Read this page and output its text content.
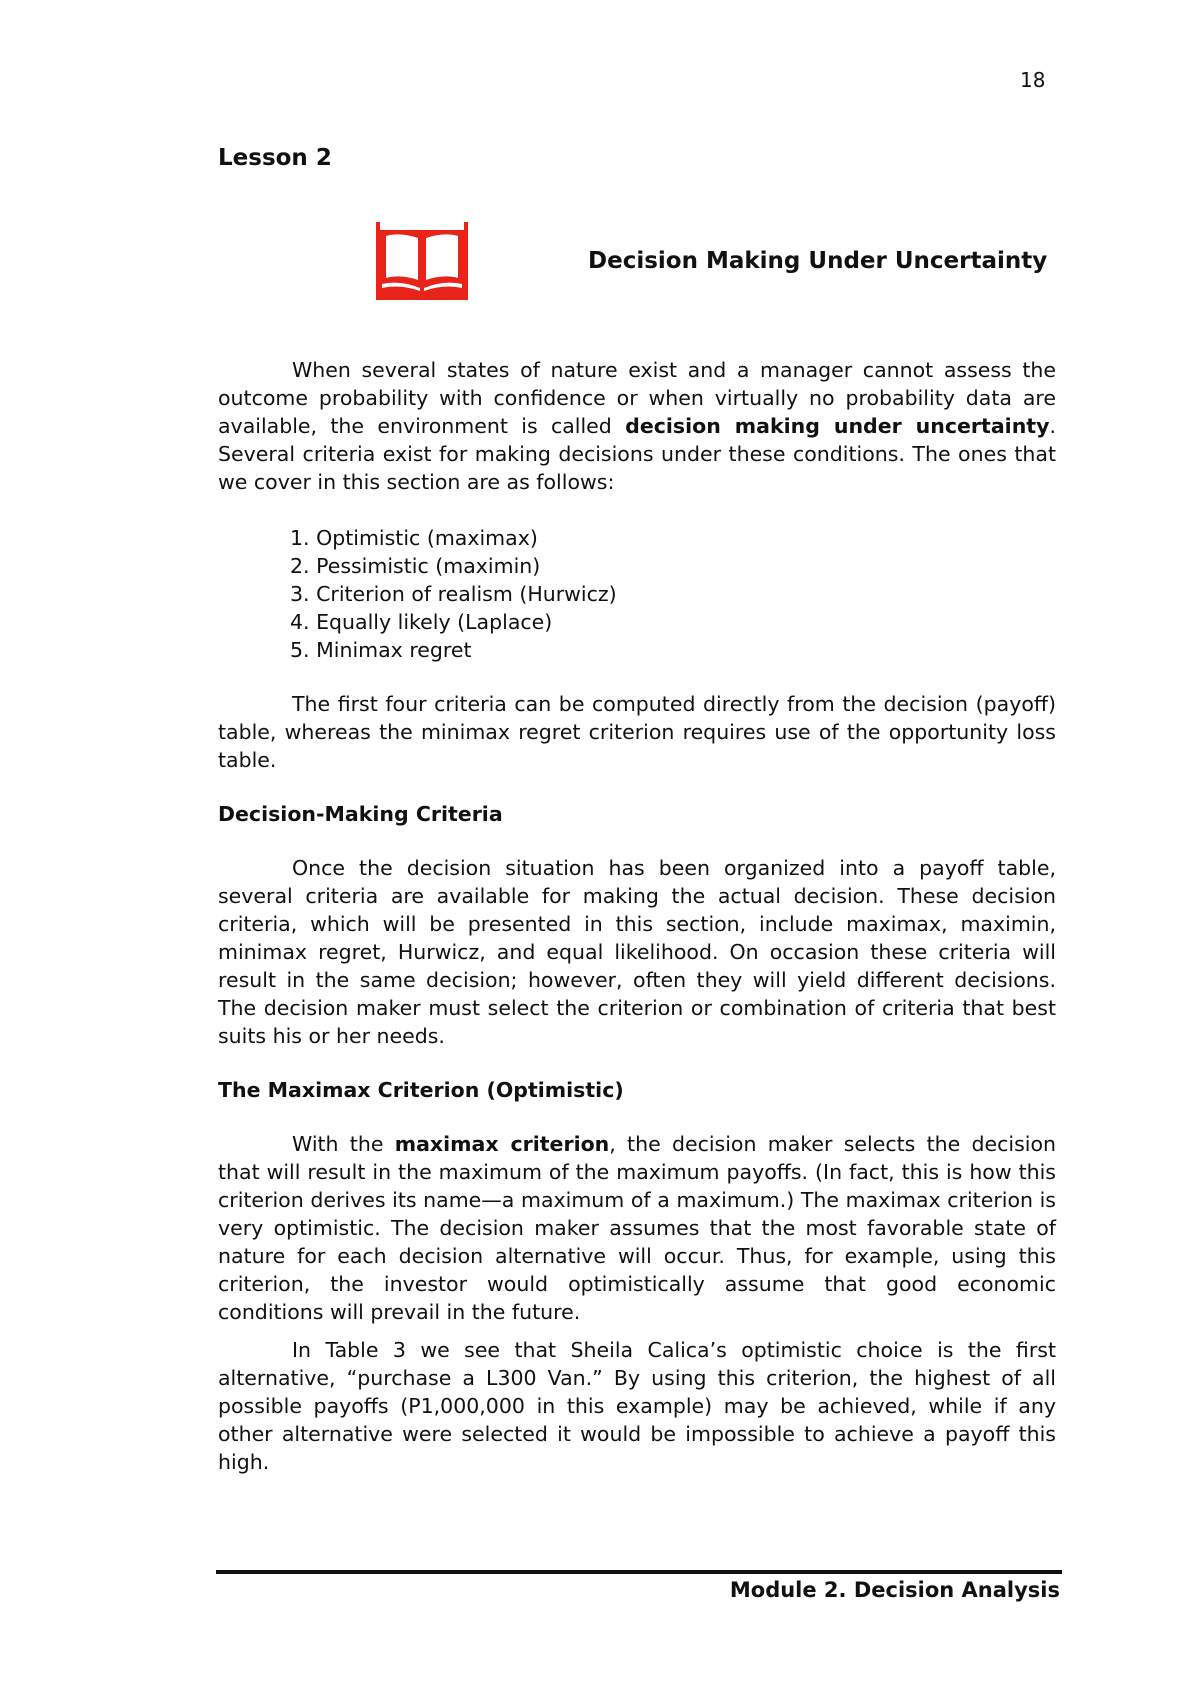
18
Lesson 2
Decision Making Under Uncertainty

When several states of nature exist and a manager cannot assess the outcome probability with confidence or when virtually no probability data are available, the environment is called decision making under uncertainty. Several criteria exist for making decisions under these conditions. The ones that we cover in this section are as follows:

1. Optimistic (maximax)
2. Pessimistic (maximin)
3. Criterion of realism (Hurwicz)
4. Equally likely (Laplace)
5. Minimax regret

The first four criteria can be computed directly from the decision (payoff) table, whereas the minimax regret criterion requires use of the opportunity loss table.

Decision-Making Criteria

Once the decision situation has been organized into a payoff table, several criteria are available for making the actual decision. These decision criteria, which will be presented in this section, include maximax, maximin, minimax regret, Hurwicz, and equal likelihood. On occasion these criteria will result in the same decision; however, often they will yield different decisions. The decision maker must select the criterion or combination of criteria that best suits his or her needs.

The Maximax Criterion (Optimistic)

With the maximax criterion, the decision maker selects the decision that will result in the maximum of the maximum payoffs. (In fact, this is how this criterion derives its name—a maximum of a maximum.) The maximax criterion is very optimistic. The decision maker assumes that the most favorable state of nature for each decision alternative will occur. Thus, for example, using this criterion, the investor would optimistically assume that good economic conditions will prevail in the future.

In Table 3 we see that Sheila Calica’s optimistic choice is the first alternative, “purchase a L300 Van.” By using this criterion, the highest of all possible payoffs (P1,000,000 in this example) may be achieved, while if any other alternative were selected it would be impossible to achieve a payoff this high.

Module 2. Decision Analysis
